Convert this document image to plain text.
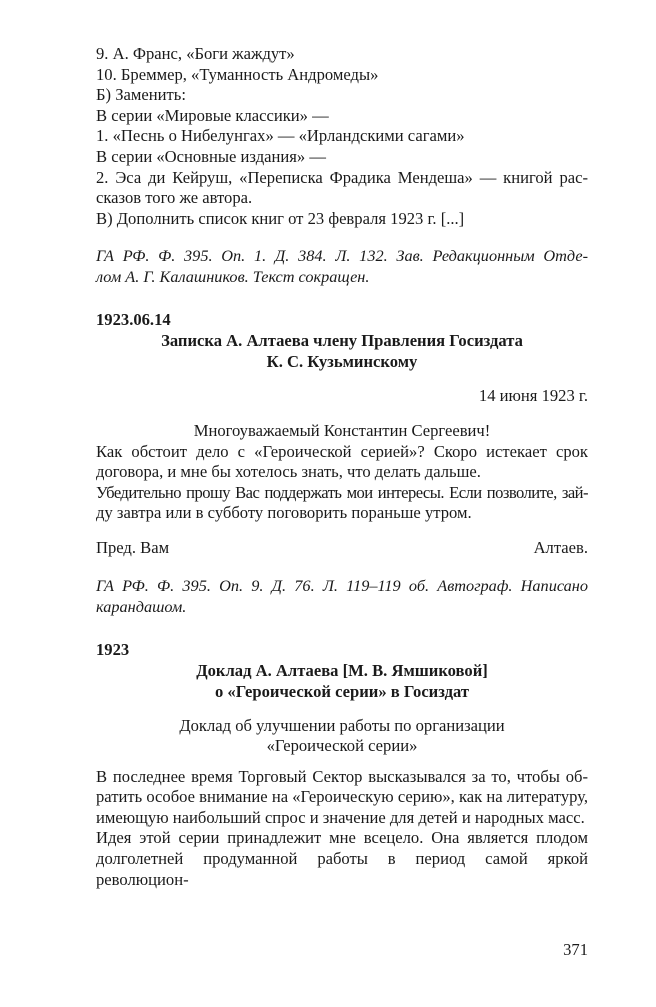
9. А. Франс, «Боги жаждут»
10. Бреммер, «Туманность Андромеды»
Б) Заменить:
В серии «Мировые классики» —
1. «Песнь о Нибелунгах» — «Ирландскими сагами»
В серии «Основные издания» —
2. Эса ди Кейруш, «Переписка Фрадика Мендеша» — книгой рас-
сказов того же автора.
В) Дополнить список книг от 23 февраля 1923 г. [...]
ГА РФ. Ф. 395. Оп. 1. Д. 384. Л. 132. Зав. Редакционным Отде-
лом А. Г. Калашников. Текст сокращен.
1923.06.14
Записка А. Алтаева члену Правления Госиздата
К. С. Кузьминскому
14 июня 1923 г.
Многоуважаемый Константин Сергеевич!
Как обстоит дело с «Героической серией»? Скоро истекает срок
договора, и мне бы хотелось знать, что делать дальше.
Убедительно прошу Вас поддержать мои интересы. Если позволите, зай-
ду завтра или в субботу поговорить пораньше утром.
Пред. Вам	Алтаев.
ГА РФ. Ф. 395. Оп. 9. Д. 76. Л. 119–119 об. Автограф. Написано
карандашом.
1923
Доклад А. Алтаева [М. В. Ямшиковой]
о «Героической серии» в Госиздат
Доклад об улучшении работы по организации
«Героической серии»
В последнее время Торговый Сектор высказывался за то, чтобы об-
ратить особое внимание на «Героическую серию», как на литературу,
имеющую наибольший спрос и значение для детей и народных масс.
Идея этой серии принадлежит мне всецело. Она является плодом
долголетней продуманной работы в период самой яркой революцион-
371
